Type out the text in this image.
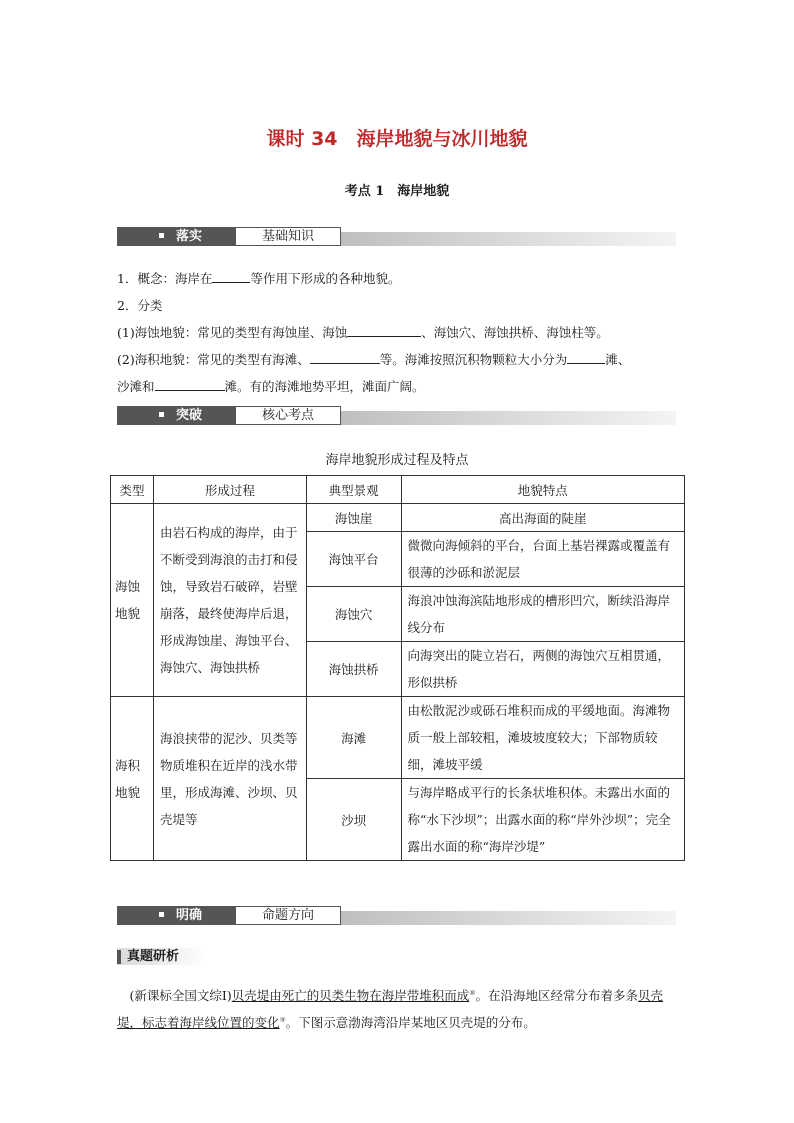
课时 34　海岸地貌与冰川地貌
考点 1　海岸地貌
落实	基础知识
1．概念：海岸在	等作用下形成的各种地貌。
2．分类
(1)海蚀地貌：常见的类型有海蚀崖、海蚀	、海蚀穴、海蚀拱桥、海蚀柱等。
(2)海积地貌：常见的类型有海滩、	等。海滩按照沉积物颗粒大小分为	滩、
沙滩和	滩。有的海滩地势平坦，滩面广阔。
突破	核心考点
海岸地貌形成过程及特点
类型	形成过程	典型景观	地貌特点
海蚀地貌	由岩石构成的海岸，由于不断受到海浪的击打和侵蚀，导致岩石破碎，岩壁崩落，最终使海岸后退，形成海蚀崖、海蚀平台、海蚀穴、海蚀拱桥	海蚀崖	高出海面的陡崖
		海蚀平台	微微向海倾斜的平台，台面上基岩裸露或覆盖有很薄的沙砾和淤泥层
		海蚀穴	海浪冲蚀海滨陆地形成的槽形凹穴，断续沿海岸线分布
		海蚀拱桥	向海突出的陡立岩石，两侧的海蚀穴互相贯通，形似拱桥
海积地貌	海浪挟带的泥沙、贝类等物质堆积在近岸的浅水带里，形成海滩、沙坝、贝壳堤等	海滩	由松散泥沙或砾石堆积而成的平缓地面。海滩物质一般上部较粗，滩坡坡度较大；下部物质较细，滩坡平缓
		沙坝	与海岸略成平行的长条状堆积体。未露出水面的称“水下沙坝”；出露水面的称“岸外沙坝”；完全露出水面的称“海岸沙堤”
明确	命题方向
真题研析
 (新课标全国文综Ⅰ)贝壳堤由死亡的贝类生物在海岸带堆积而成⑧。在沿海地区经常分布着多条贝壳堤，标志着海岸线位置的变化⑨。下图示意渤海湾沿岸某地区贝壳堤的分布。
